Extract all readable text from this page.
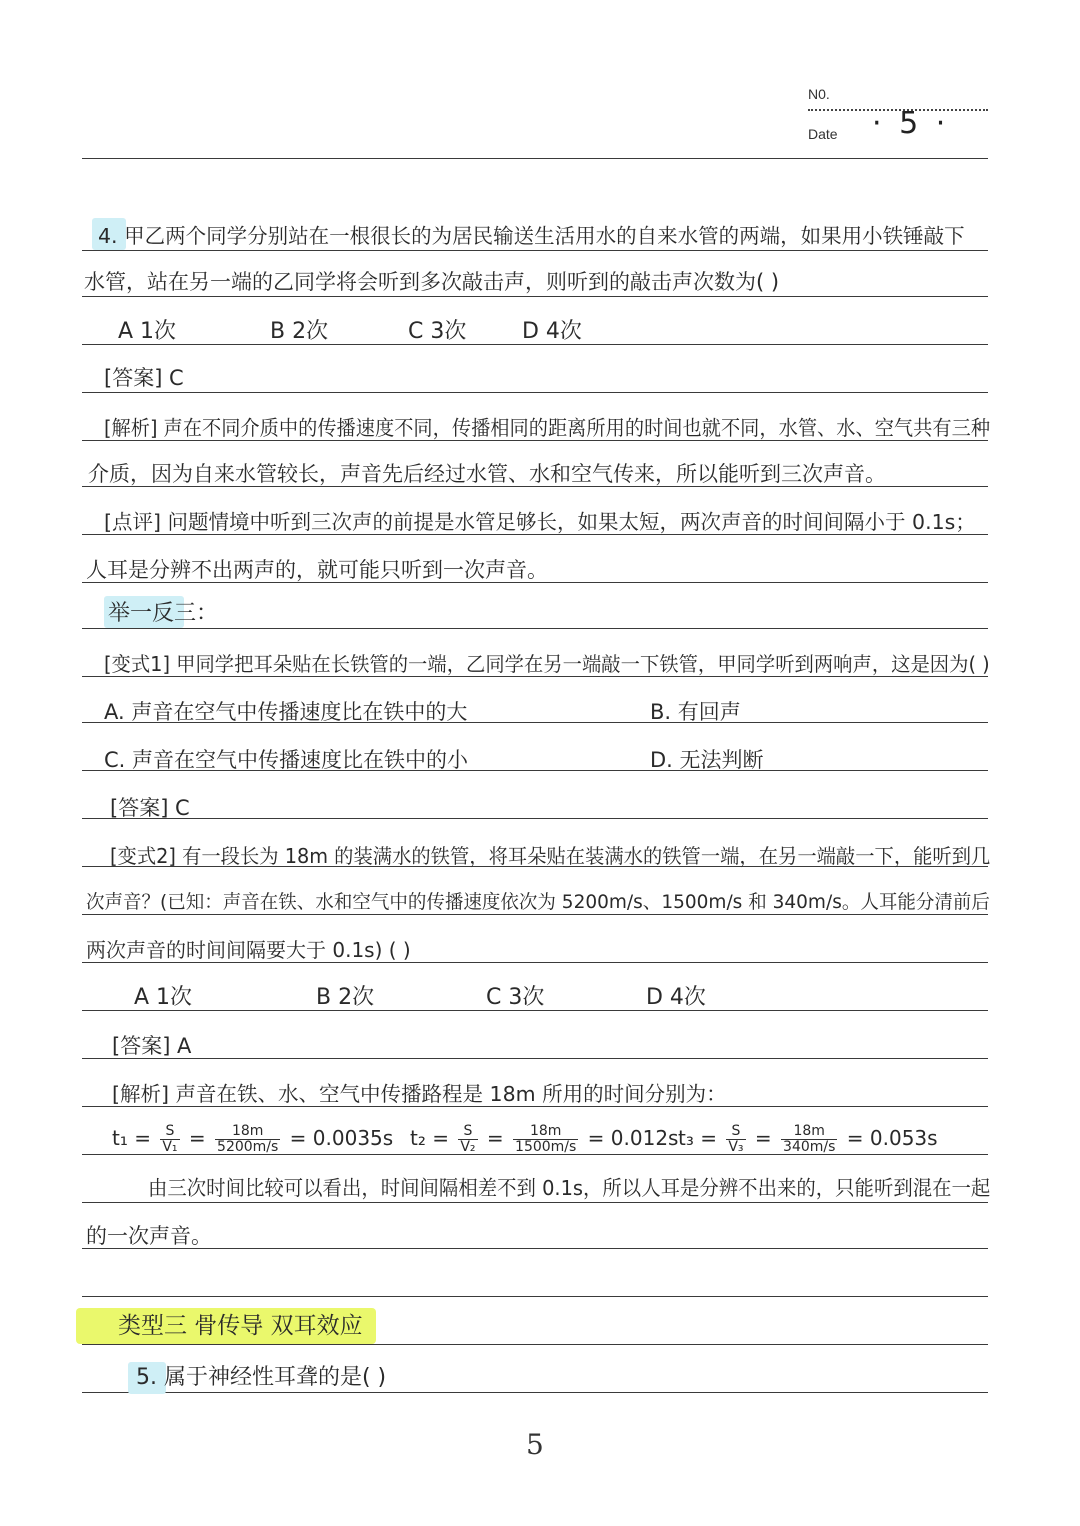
N0.
Date · 5 ·
4. 甲乙两个同学分别站在一根很长的为居民输送生活用水的自来水管的两端，如果用小铁锤敲下
水管，站在另一端的乙同学将会听到多次敲击声，则听到的敲击声次数为( )
A 1次	B 2次	C 3次	D 4次
[答案] C
[解析] 声在不同介质中的传播速度不同，传播相同的距离所用的时间也就不同，水管、水、空气共有三种
介质，因为自来水管较长，声音先后经过水管、水和空气传来，所以能听到三次声音。
[点评] 问题情境中听到三次声的前提是水管足够长，如果太短，两次声音的时间间隔小于 0.1s；
人耳是分辨不出两声的，就可能只听到一次声音。
举一反三：
[变式1] 甲同学把耳朵贴在长铁管的一端，乙同学在另一端敲一下铁管，甲同学听到两响声，这是因为( )
A. 声音在空气中传播速度比在铁中的大	B. 有回声
C. 声音在空气中传播速度比在铁中的小	D. 无法判断
[答案] C
[变式2] 有一段长为 18m 的装满水的铁管，将耳朵贴在装满水的铁管一端，在另一端敲一下，能听到几
次声音？(已知：声音在铁、水和空气中的传播速度依次为 5200m/s、1500m/s 和 340m/s。人耳能分清前后
两次声音的时间间隔要大于 0.1s) ( )
A 1次	B 2次	C 3次	D 4次
[答案] A
[解析] 声音在铁、水、空气中传播路程是 18m 所用的时间分别为：
$t_1 = \frac{S}{\text{V₁}} = \frac{18m}{5200m/s} = 0.0035s$ $t_2 = \frac{S}{\text{V₂}} = \frac{18m}{1500m/s} = 0.012s$ $t_3 = \frac{S}{\text{V₃}} = \frac{18m}{340m/s} = 0.053s$
由三次时间比较可以看出，时间间隔相差不到 0.1s，所以人耳是分辨不出来的，只能听到混在一起
的一次声音。
类型三 骨传导 双耳效应
5. 属于神经性耳聋的是( )
5
